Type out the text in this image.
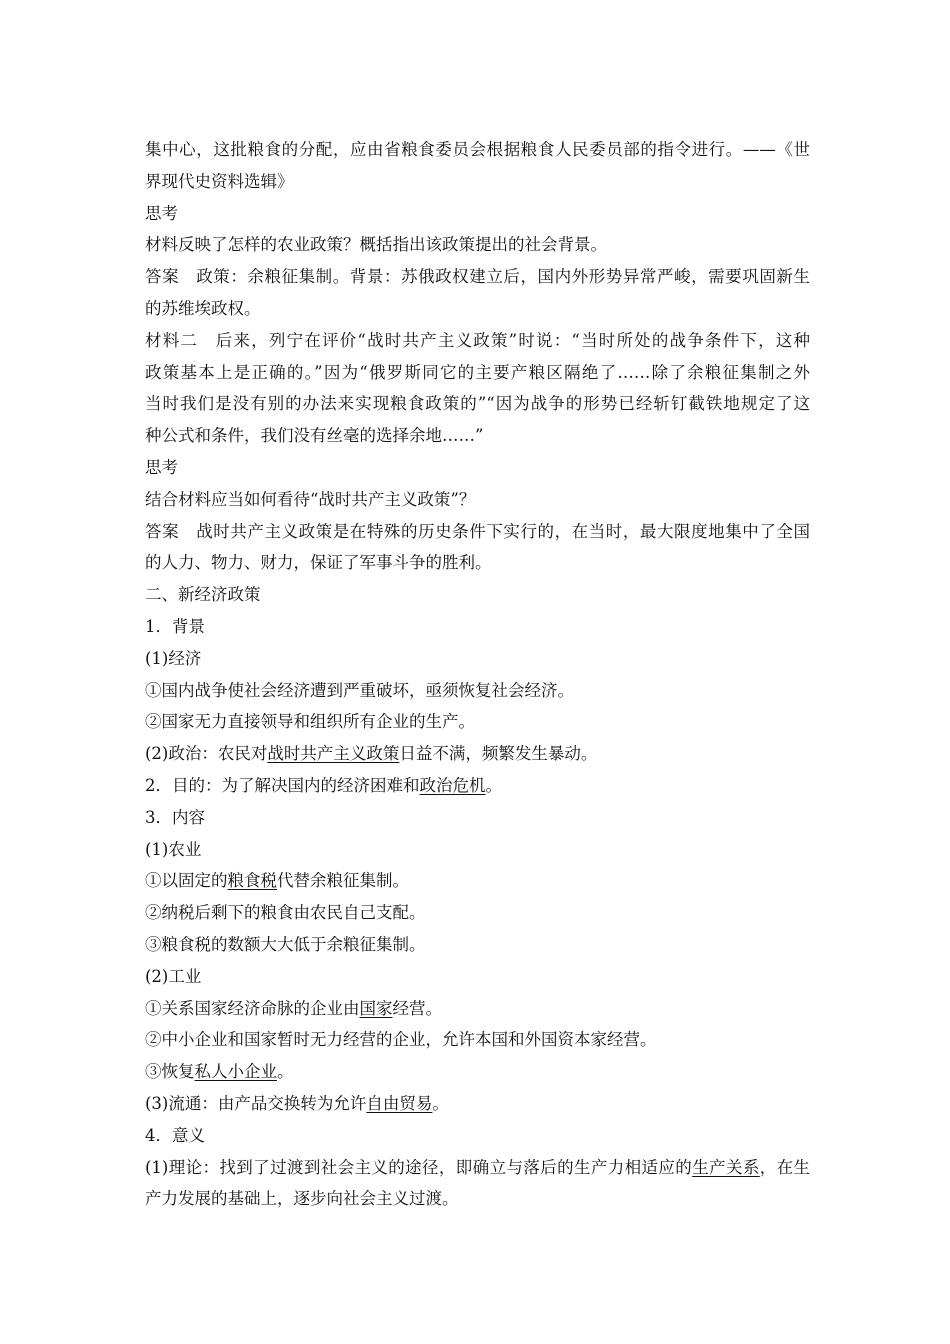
集中心，这批粮食的分配，应由省粮食委员会根据粮食人民委员部的指令进行。——《世
界现代史资料选辑》
思考
材料反映了怎样的农业政策？概括指出该政策提出的社会背景。
答案　政策：余粮征集制。背景：苏俄政权建立后，国内外形势异常严峻，需要巩固新生
的苏维埃政权。
材料二　后来，列宁在评价“战时共产主义政策”时说：“当时所处的战争条件下，这种
政策基本上是正确的。”因为“俄罗斯同它的主要产粮区隔绝了……除了余粮征集制之外
当时我们是没有别的办法来实现粮食政策的”“因为战争的形势已经斩钉截铁地规定了这
种公式和条件，我们没有丝毫的选择余地……”
思考
结合材料应当如何看待“战时共产主义政策”？
答案　战时共产主义政策是在特殊的历史条件下实行的，在当时，最大限度地集中了全国
的人力、物力、财力，保证了军事斗争的胜利。
二、新经济政策
1．背景
(1)经济
①国内战争使社会经济遭到严重破坏，亟须恢复社会经济。
②国家无力直接领导和组织所有企业的生产。
(2)政治：农民对战时共产主义政策日益不满，频繁发生暴动。
2．目的：为了解决国内的经济困难和政治危机。
3．内容
(1)农业
①以固定的粮食税代替余粮征集制。
②纳税后剩下的粮食由农民自己支配。
③粮食税的数额大大低于余粮征集制。
(2)工业
①关系国家经济命脉的企业由国家经营。
②中小企业和国家暂时无力经营的企业，允许本国和外国资本家经营。
③恢复私人小企业。
(3)流通：由产品交换转为允许自由贸易。
4．意义
(1)理论：找到了过渡到社会主义的途径，即确立与落后的生产力相适应的生产关系，在生
产力发展的基础上，逐步向社会主义过渡。
